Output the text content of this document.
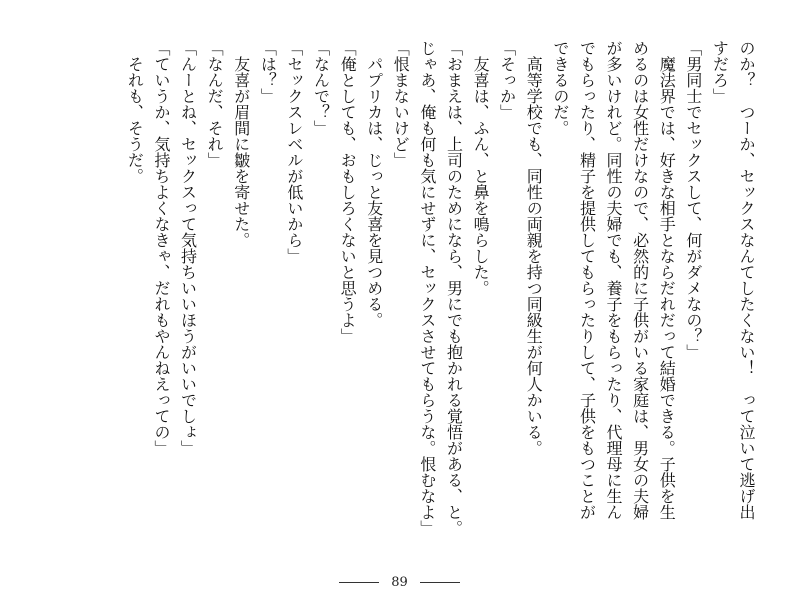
のか？　つーか、セックスなんてしたくない！　って泣いて逃げ出
すだろ」
「男同士でセックスして、何がダメなの？」
　魔法界では、好きな相手とならだれだって結婚できる。子供を生
めるのは女性だけなので、必然的に子供がいる家庭は、男女の夫婦
が多いけれど。同性の夫婦でも、養子をもらったり、代理母に生ん
でもらったり、精子を提供してもらったりして、子供をもつことが
できるのだ。
　高等学校でも、同性の両親を持つ同級生が何人かいる。
「そっか」
　友喜は、ふん、と鼻を鳴らした。
「おまえは、上司のためになら、男にでも抱かれる覚悟がある、と。
じゃあ、俺も何も気にせずに、セックスさせてもらうな。恨むなよ」
「恨まないけど」
　パプリカは、じっと友喜を見つめる。
「俺としても、おもしろくないと思うよ」
「なんで？」
「セックスレベルが低いから」
「は？」
　友喜が眉間に皺を寄せた。
「なんだ、それ」
「んーとね、セックスって気持ちいいほうがいいでしょ」
「ていうか、気持ちよくなきゃ、だれもやんねえっての」
　それも、そうだ。
89
